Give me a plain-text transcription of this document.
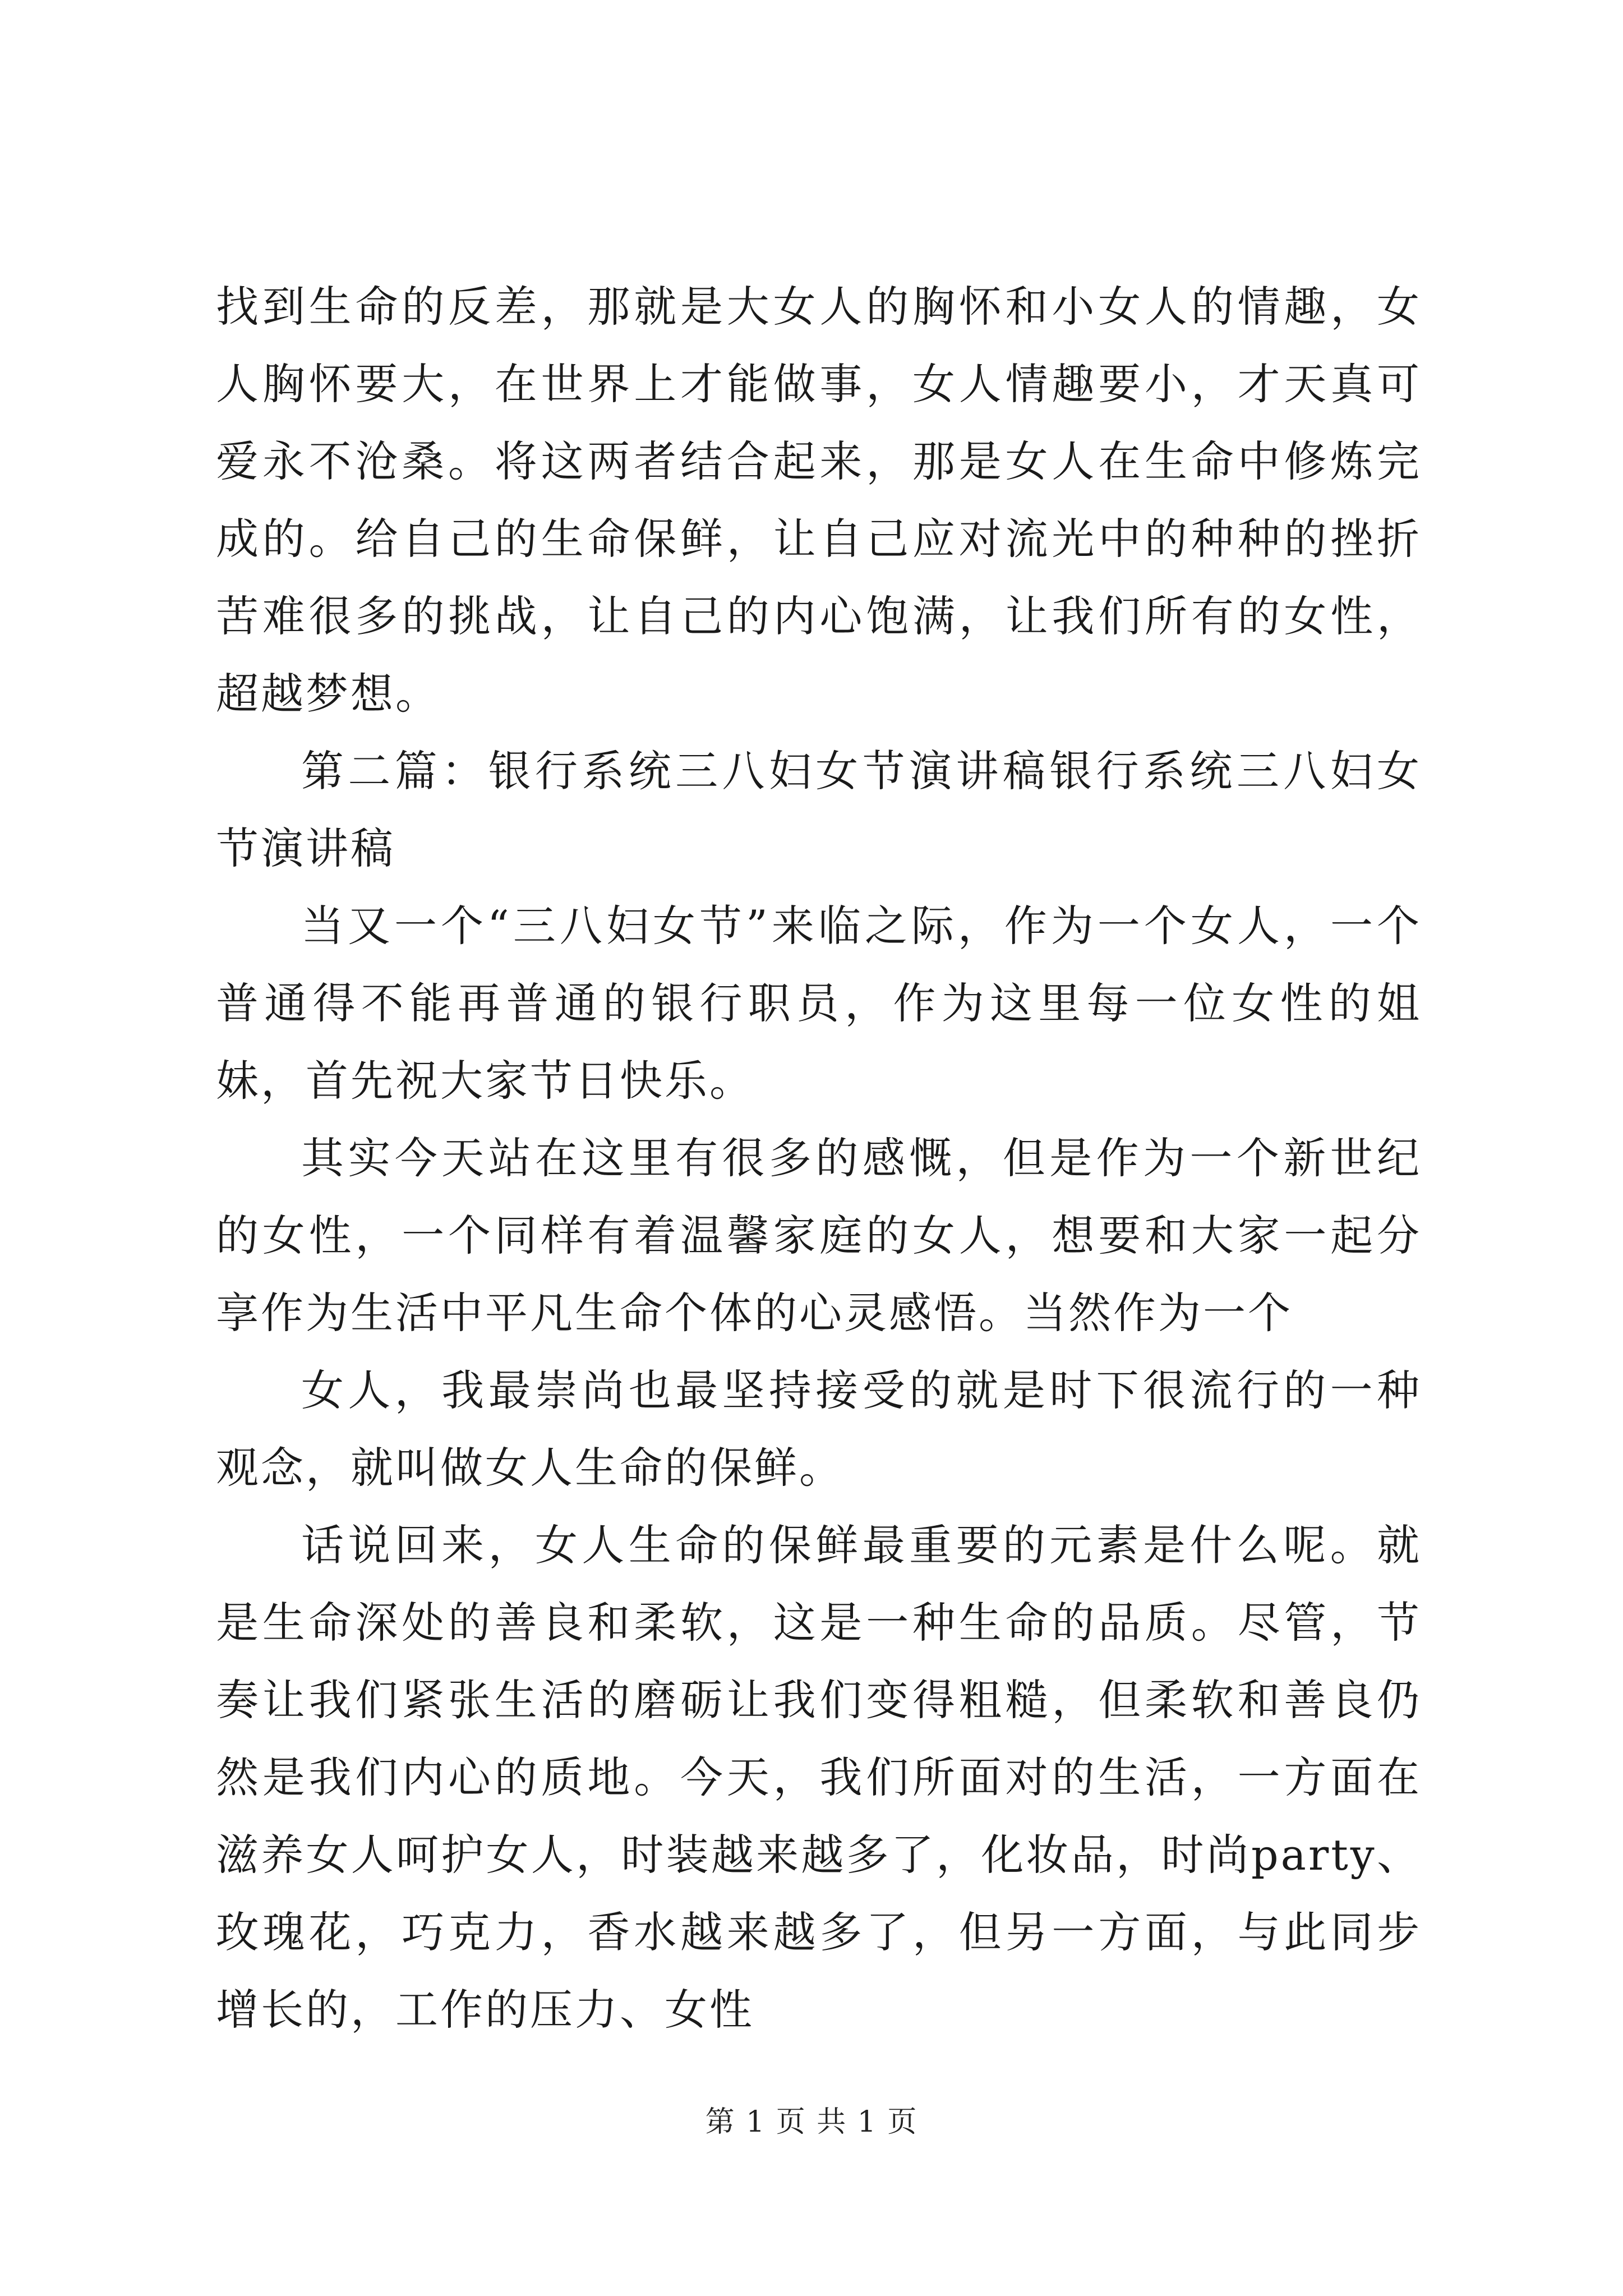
找到生命的反差，那就是大女人的胸怀和小女人的情趣，女人胸怀要大，在世界上才能做事，女人情趣要小，才天真可爱永不沧桑。将这两者结合起来，那是女人在生命中修炼完成的。给自己的生命保鲜，让自己应对流光中的种种的挫折苦难很多的挑战，让自己的内心饱满，让我们所有的女性，超越梦想。

第二篇：银行系统三八妇女节演讲稿银行系统三八妇女节演讲稿

当又一个“三八妇女节”来临之际，作为一个女人，一个普通得不能再普通的银行职员，作为这里每一位女性的姐妹，首先祝大家节日快乐。

其实今天站在这里有很多的感慨，但是作为一个新世纪的女性，一个同样有着温馨家庭的女人，想要和大家一起分享作为生活中平凡生命个体的心灵感悟。当然作为一个

女人，我最崇尚也最坚持接受的就是时下很流行的一种观念，就叫做女人生命的保鲜。

话说回来，女人生命的保鲜最重要的元素是什么呢。就是生命深处的善良和柔软，这是一种生命的品质。尽管，节奏让我们紧张生活的磨砺让我们变得粗糙，但柔软和善良仍然是我们内心的质地。今天，我们所面对的生活，一方面在滋养女人呵护女人，时装越来越多了，化妆品，时尚party、玫瑰花，巧克力，香水越来越多了，但另一方面，与此同步增长的，工作的压力、女性

第 1 页 共 1 页
